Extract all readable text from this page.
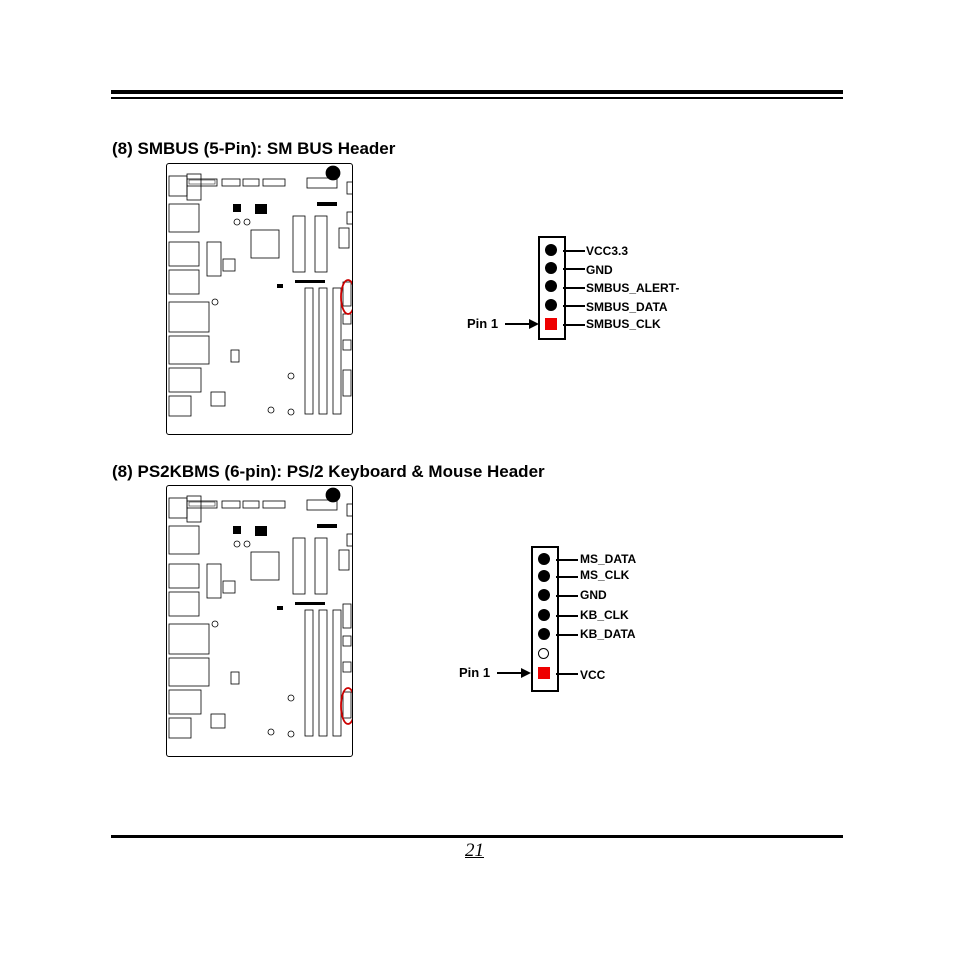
(8) SMBUS (5-Pin): SM BUS Header
VCC3.3
GND
SMBUS_ALERT-
SMBUS_DATA
SMBUS_CLK
Pin 1
(8) PS2KBMS (6-pin): PS/2 Keyboard & Mouse Header
MS_DATA
MS_CLK
GND
KB_CLK
KB_DATA
VCC
Pin 1
21
